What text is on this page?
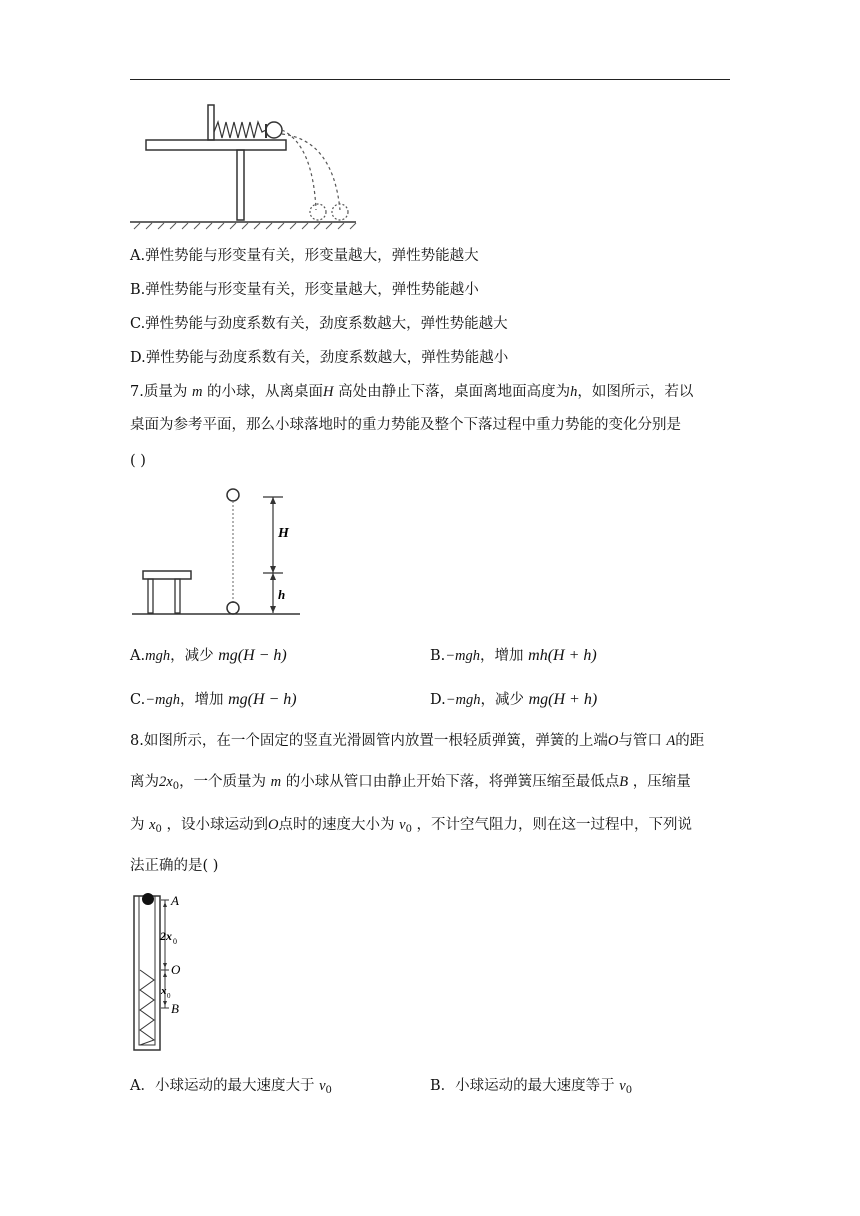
A.弹性势能与形变量有关，形变量越大，弹性势能越大
B.弹性势能与形变量有关，形变量越大，弹性势能越小
C.弹性势能与劲度系数有关，劲度系数越大，弹性势能越大
D.弹性势能与劲度系数有关，劲度系数越大，弹性势能越小
7.质量为 m 的小球，从离桌面H 高处由静止下落，桌面离地面高度为h，如图所示，若以
桌面为参考平面，那么小球落地时的重力势能及整个下落过程中重力势能的变化分别是
( )
H
h
A.mgh，减少 mg(H − h)	B.−mgh，增加 mh(H + h)
C.−mgh，增加 mg(H − h)	D.−mgh，减少 mg(H + h)
8.如图所示，在一个固定的竖直光滑圆管内放置一根轻质弹簧，弹簧的上端O与管口 A的距
离为$2x_0$，一个质量为 m 的小球从管口由静止开始下落，将弹簧压缩至最低点B ，压缩量
为 $x_0$ ，设小球运动到O点时的速度大小为 $v_0$ ，不计空气阻力，则在这一过程中，下列说
法正确的是( )
A
2x 0
O
x 0
B
A．小球运动的最大速度大于 $v_0$	B．小球运动的最大速度等于 $v_0$
